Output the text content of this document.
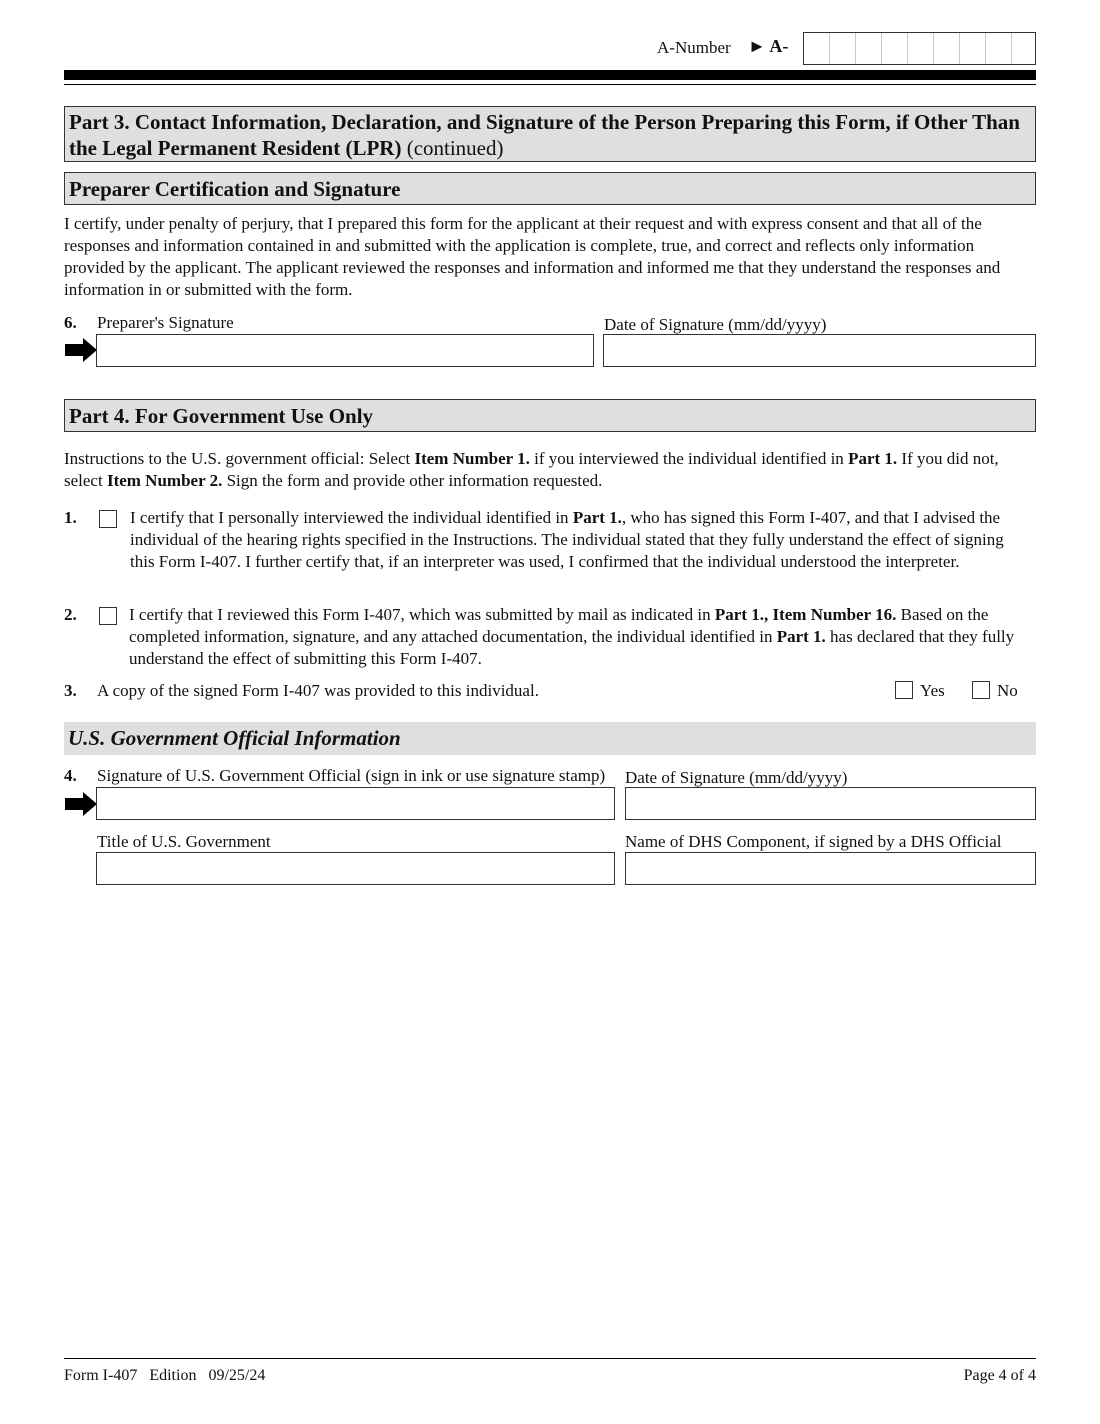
A-Number ► A-
Part 3. Contact Information, Declaration, and Signature of the Person Preparing this Form, if Other Than the Legal Permanent Resident (LPR) (continued)
Preparer Certification and Signature
I certify, under penalty of perjury, that I prepared this form for the applicant at their request and with express consent and that all of the responses and information contained in and submitted with the application is complete, true, and correct and reflects only information provided by the applicant. The applicant reviewed the responses and information and informed me that they understand the responses and information in or submitted with the form.
6. Preparer's Signature	Date of Signature (mm/dd/yyyy)
Part 4. For Government Use Only
Instructions to the U.S. government official: Select Item Number 1. if you interviewed the individual identified in Part 1. If you did not, select Item Number 2. Sign the form and provide other information requested.
1.	I certify that I personally interviewed the individual identified in Part 1., who has signed this Form I-407, and that I advised the individual of the hearing rights specified in the Instructions. The individual stated that they fully understand the effect of signing this Form I-407. I further certify that, if an interpreter was used, I confirmed that the individual understood the interpreter.
2.	I certify that I reviewed this Form I-407, which was submitted by mail as indicated in Part 1., Item Number 16. Based on the completed information, signature, and any attached documentation, the individual identified in Part 1. has declared that they fully understand the effect of submitting this Form I-407.
3. A copy of the signed Form I-407 was provided to this individual.	Yes	No
U.S. Government Official Information
4. Signature of U.S. Government Official (sign in ink or use signature stamp) Date of Signature (mm/dd/yyyy)
Title of U.S. Government	Name of DHS Component, if signed by a DHS Official
Form I-407   Edition   09/25/24	Page 4 of 4
